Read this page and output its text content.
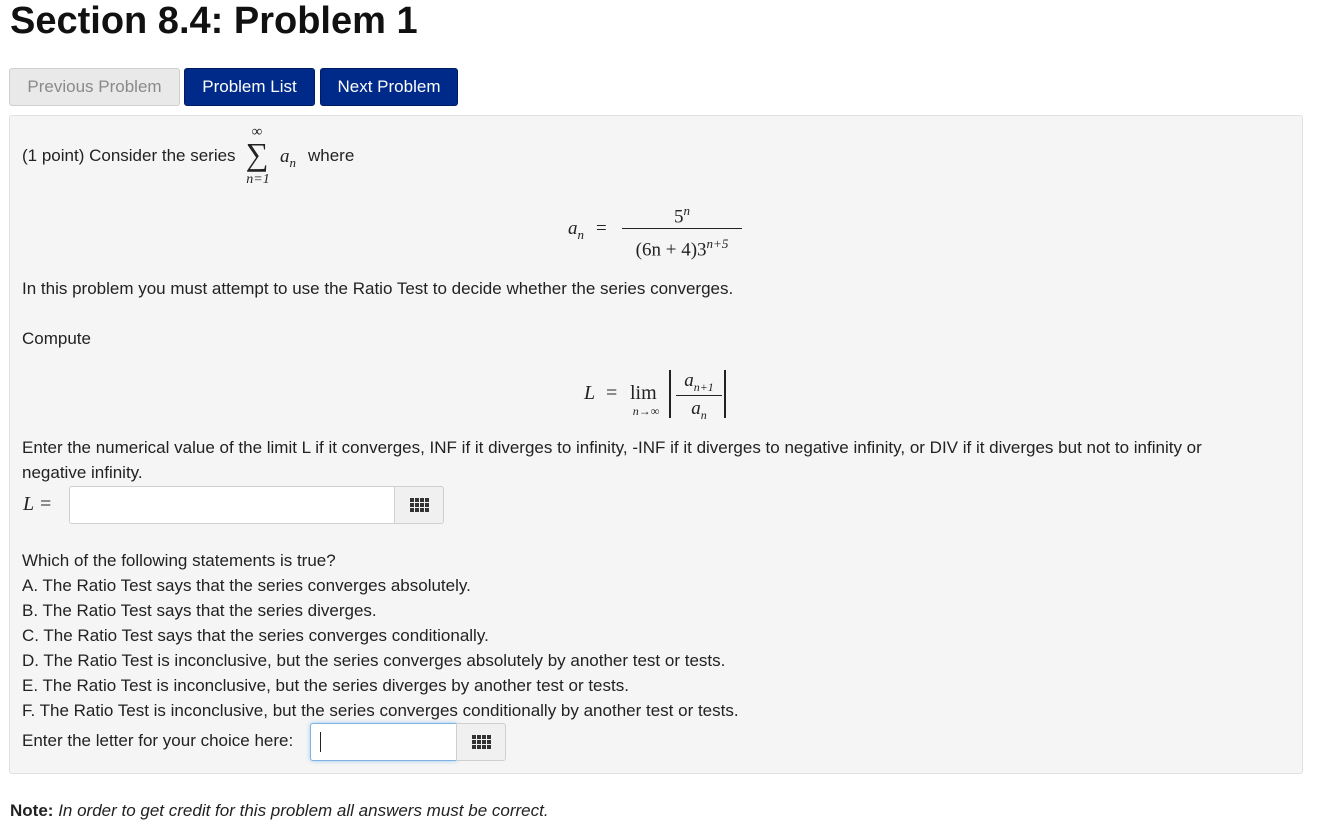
Section 8.4: Problem 1
Previous Problem	Problem List	Next Problem
(1 point) Consider the series
∞
∑
n=1
$a_n$ where
$a_n$ =
$5^n$
$(6n + 4)3^{n+5}$
In this problem you must attempt to use the Ratio Test to decide whether the series converges.
Compute
L = lim
n→∞
$a_{n+1}$
$a_n$
Enter the numerical value of the limit L if it converges, INF if it diverges to infinity, -INF if it diverges to negative infinity, or DIV if it diverges but not to infinity or
negative infinity.
L =
Which of the following statements is true?
A. The Ratio Test says that the series converges absolutely.
B. The Ratio Test says that the series diverges.
C. The Ratio Test says that the series converges conditionally.
D. The Ratio Test is inconclusive, but the series converges absolutely by another test or tests.
E. The Ratio Test is inconclusive, but the series diverges by another test or tests.
F. The Ratio Test is inconclusive, but the series converges conditionally by another test or tests.
Enter the letter for your choice here:
Note: In order to get credit for this problem all answers must be correct.
